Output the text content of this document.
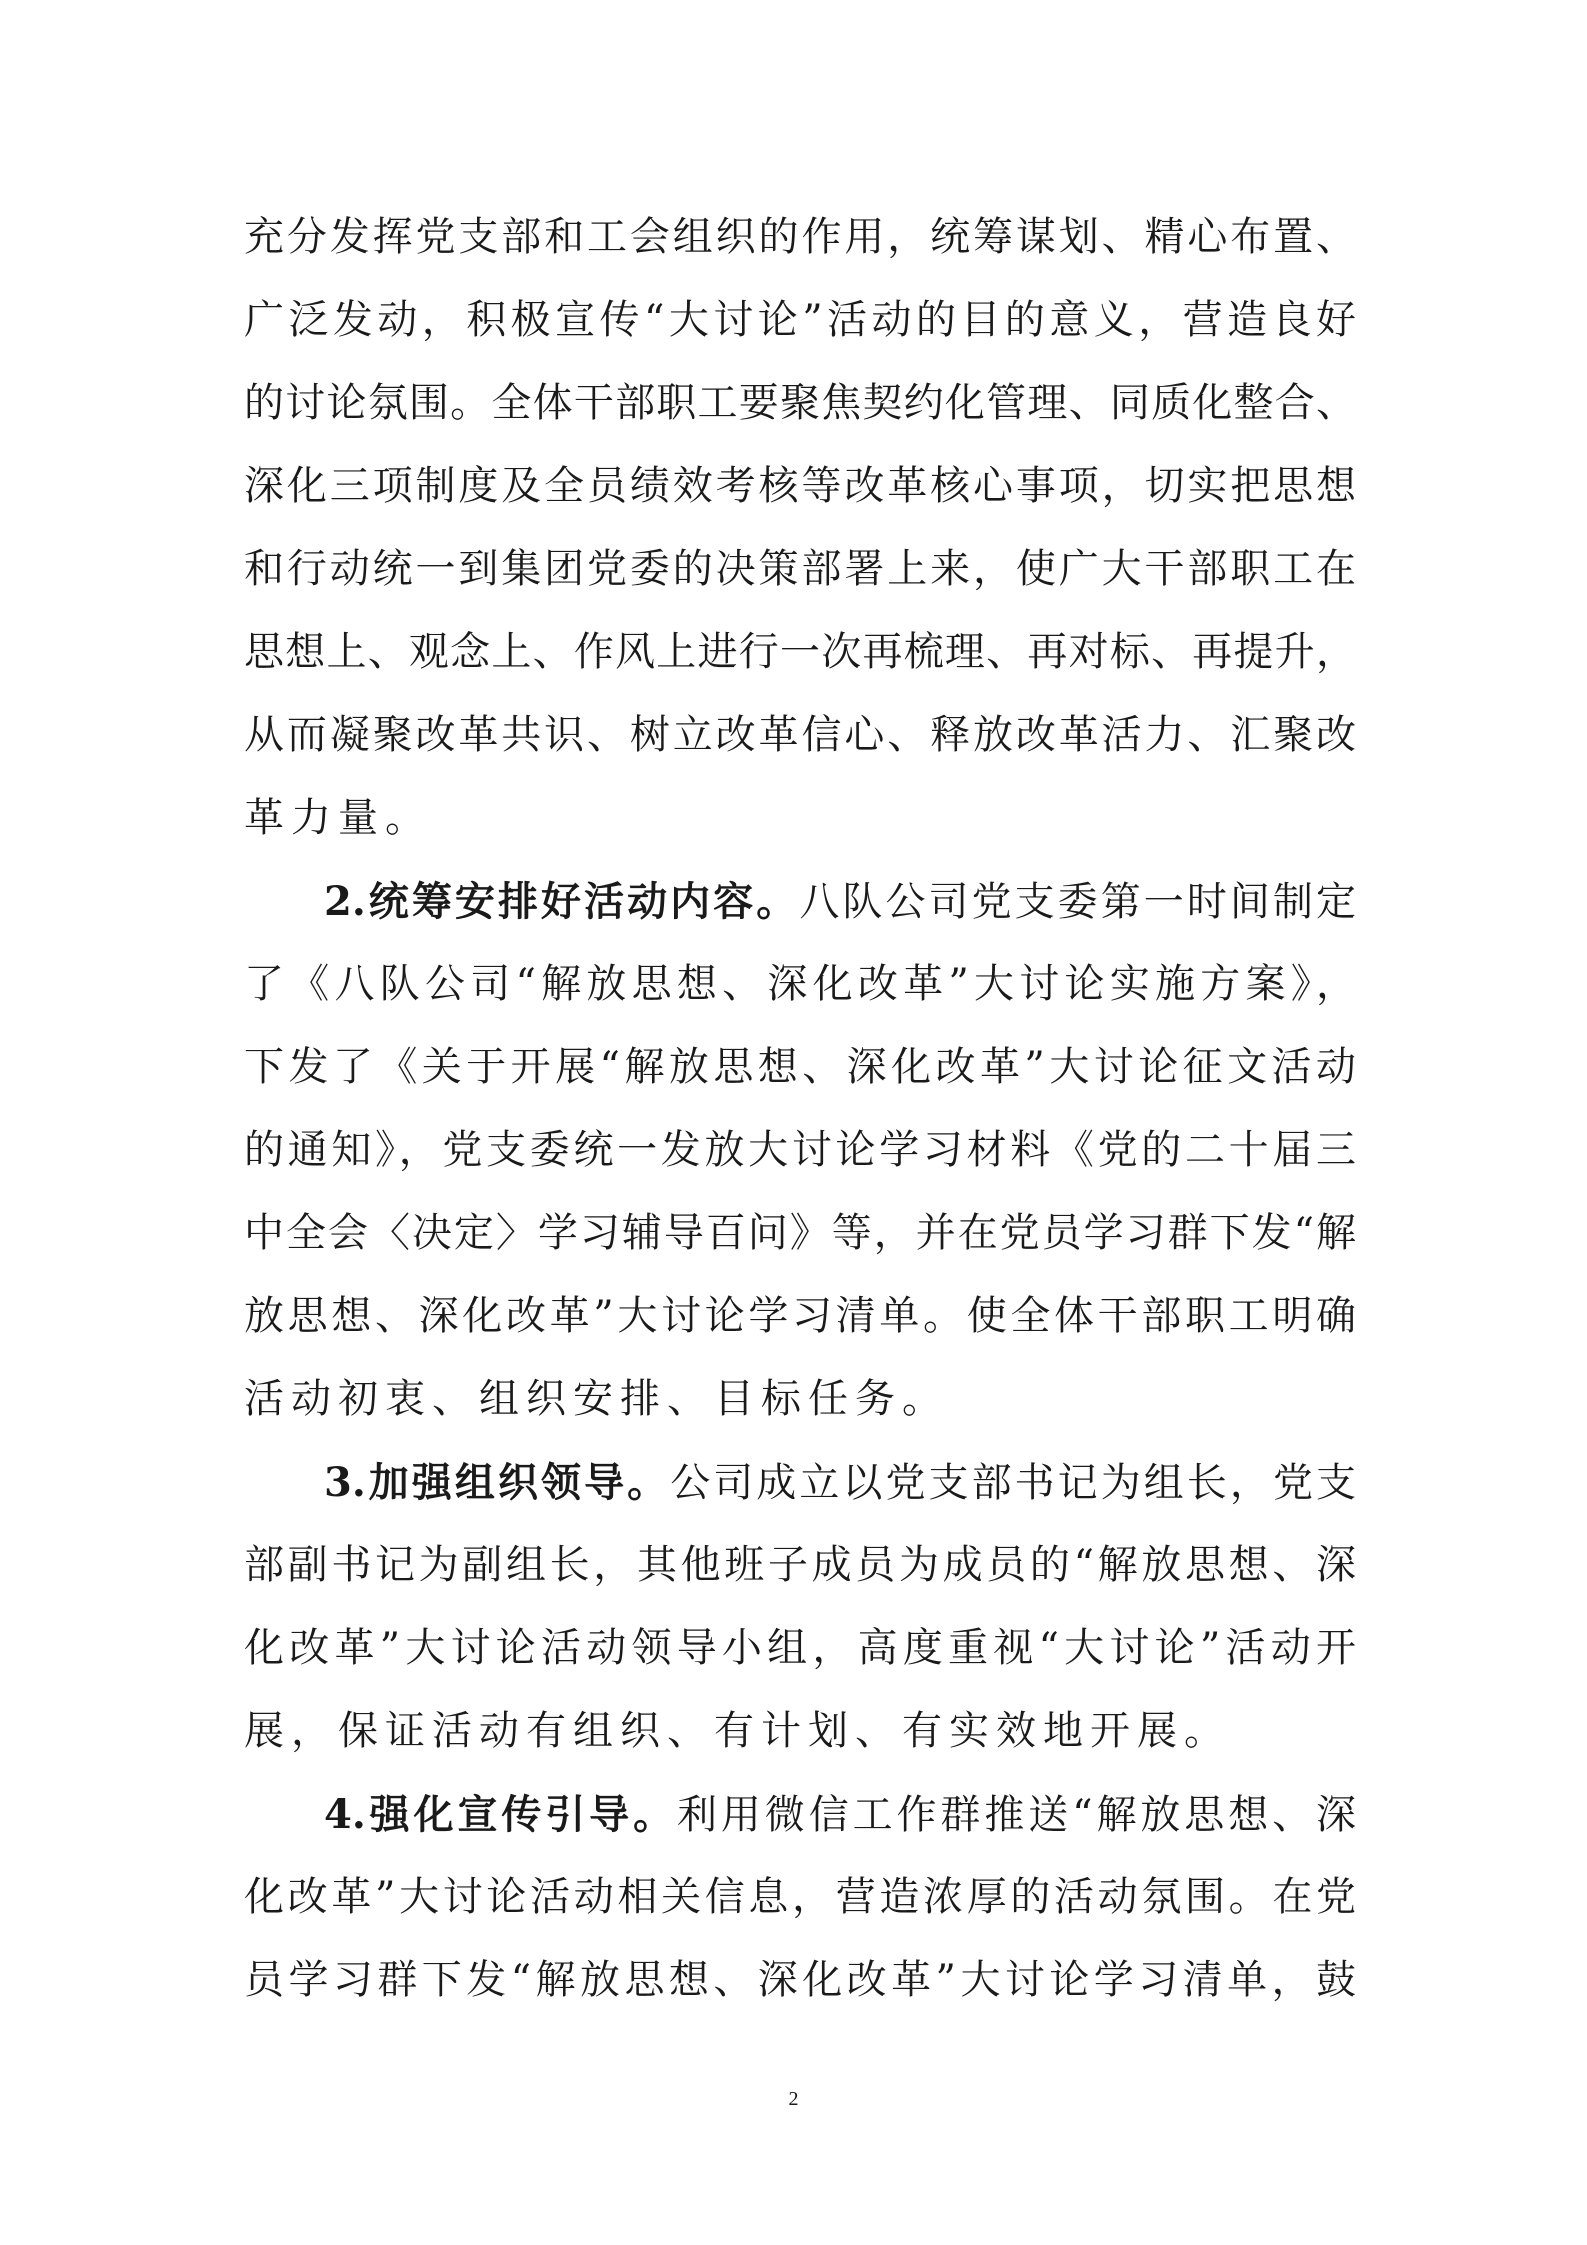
充分发挥党支部和工会组织的作用，统筹谋划、精心布置、
广泛发动，积极宣传“大讨论”活动的目的意义，营造良好
的讨论氛围。全体干部职工要聚焦契约化管理、同质化整合、
深化三项制度及全员绩效考核等改革核心事项，切实把思想
和行动统一到集团党委的决策部署上来，使广大干部职工在
思想上、观念上、作风上进行一次再梳理、再对标、再提升，
从而凝聚改革共识、树立改革信心、释放改革活力、汇聚改
革力量。
2.统筹安排好活动内容。八队公司党支委第一时间制定
了《八队公司“解放思想、深化改革”大讨论实施方案》，
下发了《关于开展“解放思想、深化改革”大讨论征文活动
的通知》，党支委统一发放大讨论学习材料《党的二十届三
中全会〈决定〉学习辅导百问》等，并在党员学习群下发“解
放思想、深化改革”大讨论学习清单。使全体干部职工明确
活动初衷、组织安排、目标任务。
3.加强组织领导。公司成立以党支部书记为组长，党支
部副书记为副组长，其他班子成员为成员的“解放思想、深
化改革”大讨论活动领导小组，高度重视“大讨论”活动开
展，保证活动有组织、有计划、有实效地开展。
4.强化宣传引导。利用微信工作群推送“解放思想、深
化改革”大讨论活动相关信息，营造浓厚的活动氛围。在党
员学习群下发“解放思想、深化改革”大讨论学习清单，鼓
2
